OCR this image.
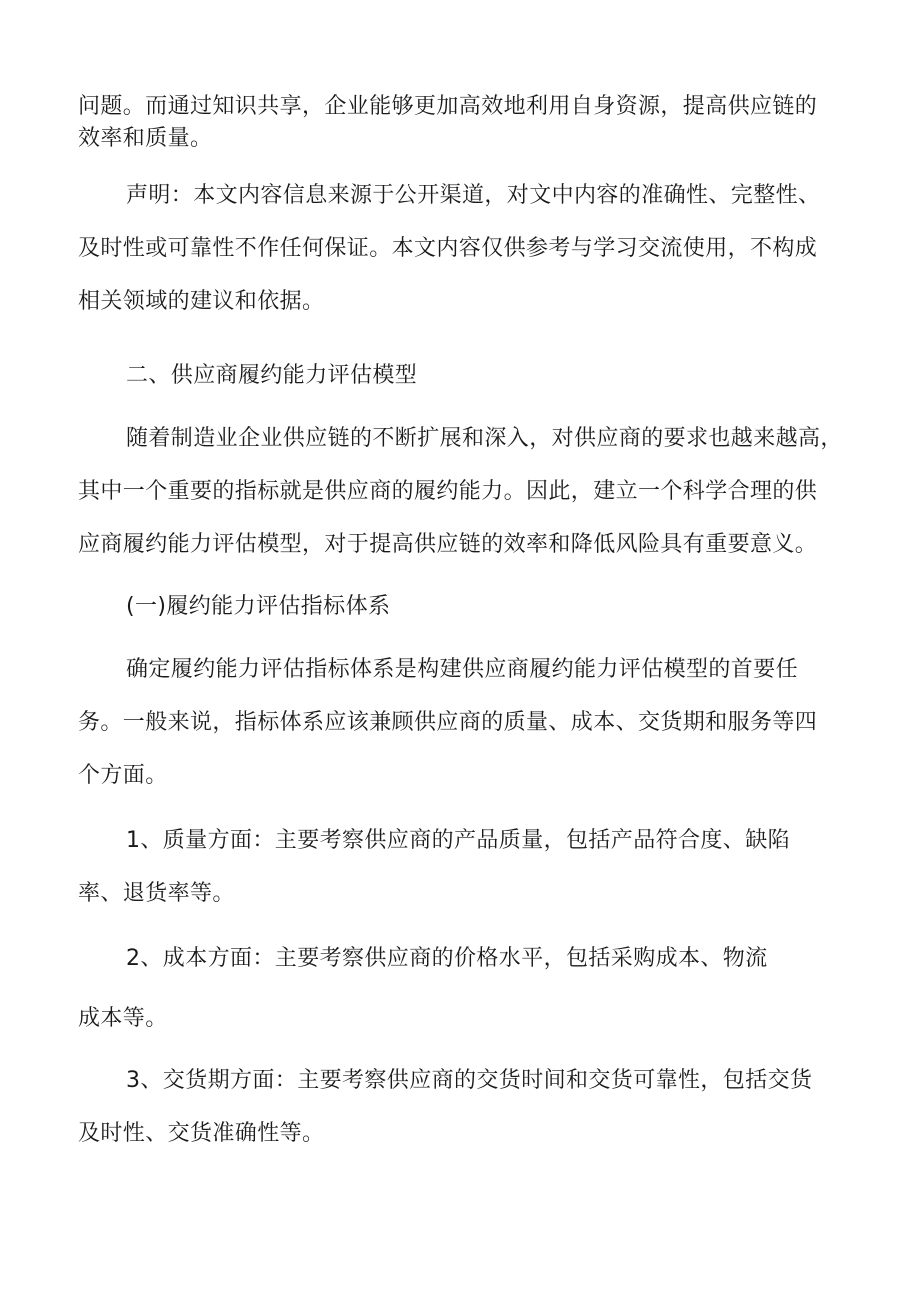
问题。而通过知识共享，企业能够更加高效地利用自身资源，提高供应链的
效率和质量。
声明：本文内容信息来源于公开渠道，对文中内容的准确性、完整性、
及时性或可靠性不作任何保证。本文内容仅供参考与学习交流使用，不构成
相关领域的建议和依据。
二、供应商履约能力评估模型
随着制造业企业供应链的不断扩展和深入，对供应商的要求也越来越高，
其中一个重要的指标就是供应商的履约能力。因此，建立一个科学合理的供
应商履约能力评估模型，对于提高供应链的效率和降低风险具有重要意义。
(一)履约能力评估指标体系
确定履约能力评估指标体系是构建供应商履约能力评估模型的首要任
务。一般来说，指标体系应该兼顾供应商的质量、成本、交货期和服务等四
个方面。
1、质量方面：主要考察供应商的产品质量，包括产品符合度、缺陷
率、退货率等。
2、成本方面：主要考察供应商的价格水平，包括采购成本、物流
成本等。
3、交货期方面：主要考察供应商的交货时间和交货可靠性，包括交货
及时性、交货准确性等。
